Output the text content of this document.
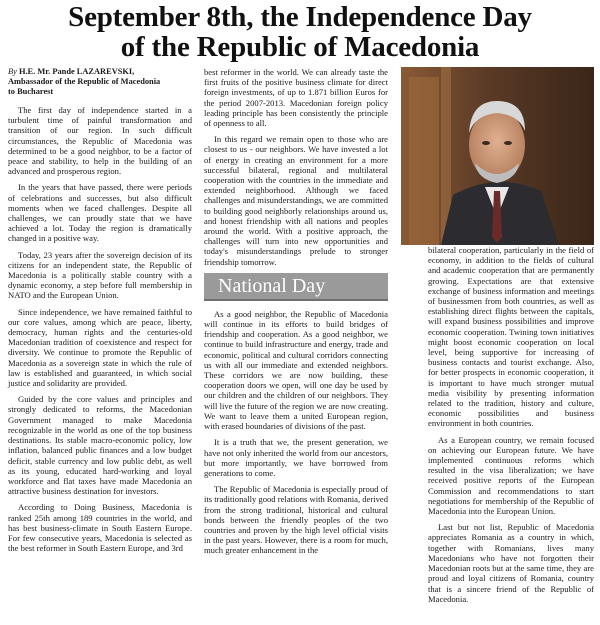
September 8th, the Independence Day
of the Republic of Macedonia
By H.E. Mr. Pande LAZAREVSKI,
Ambassador of the Republic of Macedonia
to Bucharest

The first day of independence started in a turbulent time of painful transformation and transition of our region. In such difficult circumstances, the Republic of Macedonia was determined to be a good neighbor, to be a factor of peace and stability, to help in the building of an advanced and prosperous region.

In the years that have passed, there were periods of celebrations and successes, but also difficult moments when we faced challenges. Despite all challenges, we can proudly state that we have achieved a lot. Today the region is dramatically changed in a positive way.

Today, 23 years after the sovereign decision of its citizens for an independent state, the Republic of Macedonia is a politically stable country with a dynamic economy, a step before full membership in NATO and the European Union.

Since independence, we have remained faithful to our core values, among which are peace, liberty, democracy, human rights and the centuries-old Macedonian tradition of coexistence and respect for diversity. We continue to promote the Republic of Macedonia as a sovereign state in which the rule of law is established and guaranteed, in which social justice and solidarity are provided.

Guided by the core values and principles and strongly dedicated to reforms, the Macedonian Government managed to make Macedonia recognizable in the world as one of the top business destinations. Its stable macro-economic policy, low inflation, balanced public finances and a low budget deficit, stable currency and low public debt, as well as its young, educated hard-working and loyal workforce and flat taxes have made Macedonia an attractive business destination for investors.

According to Doing Business, Macedonia is ranked 25th among 189 countries in the world, and has best business-climate in South Eastern Europe. For few consecutive years, Macedonia is selected as the best reformer in South Eastern Europe, and 3rd

best reformer in the world. We can already taste the first fruits of the positive business climate for direct foreign investments, of up to 1.871 billion Euros for the period 2007-2013. Macedonian foreign policy leading principle has been consistently the principle of openness to all.

In this regard we remain open to those who are closest to us - our neighbors. We have invested a lot of energy in creating an environment for a more successful bilateral, regional and multilateral cooperation with the countries in the immediate and extended neighborhood. Although we faced challenges and misunderstandings, we are committed to building good neighborly relationships around us, and honest friendship with all nations and peoples around the world. With a positive approach, the challenges will turn into new opportunities and today's misunderstandings prelude to stronger friendship tomorrow.

National Day

As a good neighbor, the Republic of Macedonia will continue in its efforts to build bridges of friendship and cooperation. As a good neighbor, we continue to build infrastructure and energy, trade and economic, political and cultural corridors connecting us with all our immediate and extended neighbors. These corridors we are now building, these cooperation doors we open, will one day be used by our children and the children of our neighbors. They will live the future of the region we are now creating. We want to leave them a united European region, with erased boundaries of divisions of the past.

It is a truth that we, the present generation, we have not only inherited the world from our ancestors, but more importantly, we have borrowed from generations to come.

The Republic of Macedonia is especially proud of its traditionally good relations with Romania, derived from the strong traditional, historical and cultural bonds between the friendly peoples of the two countries and proven by the high level official visits in the past years. However, there is a room for much, much greater enhancement in the

bilateral cooperation, particularly in the field of economy, in addition to the fields of cultural and academic cooperation that are permanently growing. Expectations are that extensive exchange of business information and meetings of businessmen from both countries, as well as establishing direct flights between the capitals, will expand business possibilities and improve economic cooperation. Twining town initiatives might boost economic cooperation on local level, being supportive for increasing of business contacts and tourist exchange. Also, for better prospects in economic cooperation, it is important to have much stronger mutual media visibility by presenting information related to the tradition, history and culture, economic possibilities and business environment in both countries.

As a European country, we remain focused on achieving our European future. We have implemented continuous reforms which resulted in the visa liberalization; we have received positive reports of the European Commission and recommendations to start negotiations for membership of the Republic of Macedonia into the European Union.

Last but not list, Republic of Macedonia appreciates Romania as a country in which, together with Romanians, lives many Macedonians who have not forgotten their Macedonian roots but at the same time, they are proud and loyal citizens of Romania, country that is a sincere friend of the Republic of Macedonia.
